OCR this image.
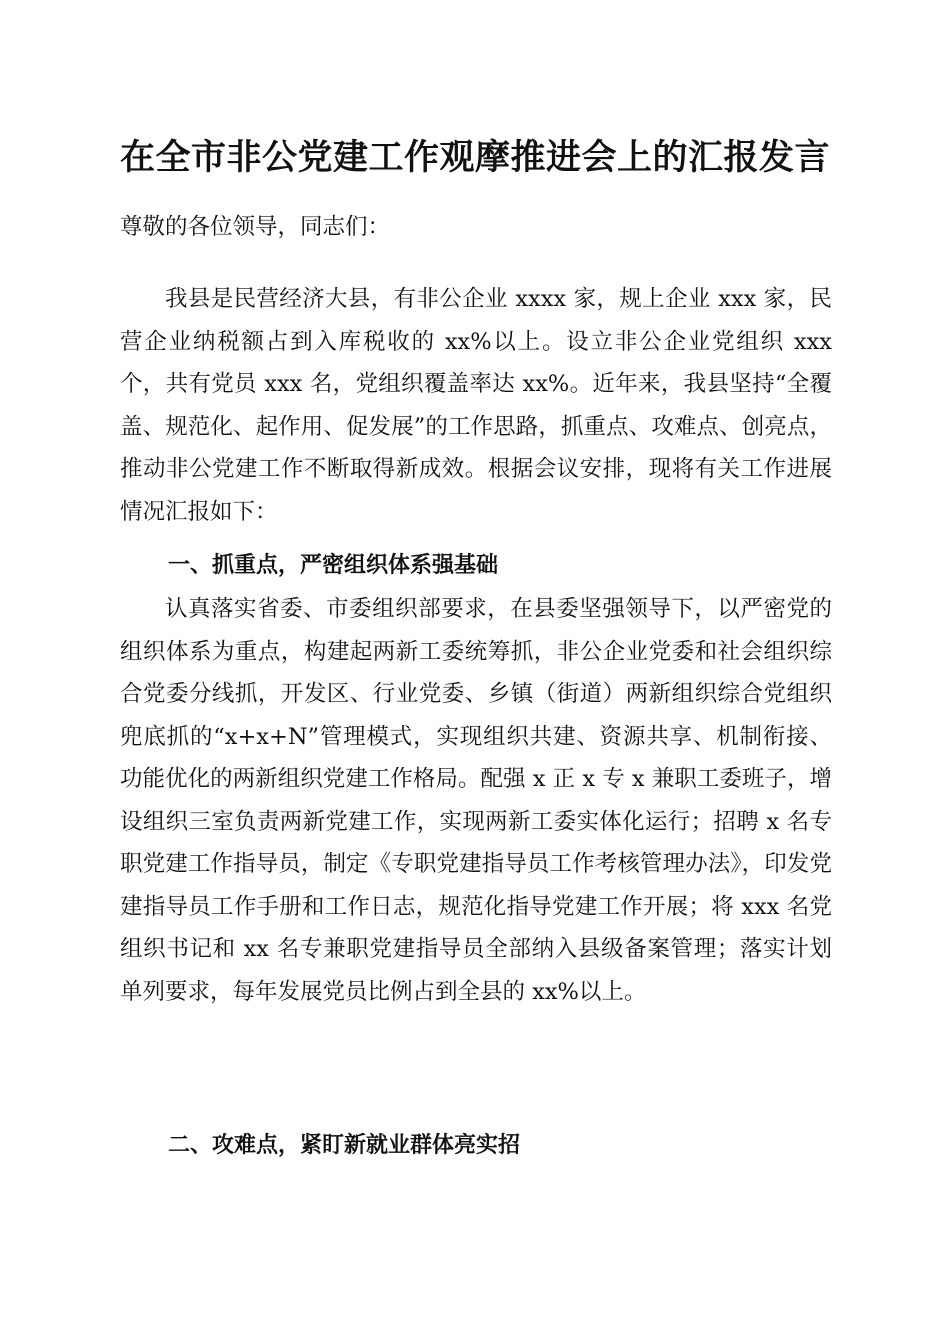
在全市非公党建工作观摩推进会上的汇报发言

尊敬的各位领导，同志们：

我县是民营经济大县，有非公企业 xxxx 家，规上企业 xxx 家，民营企业纳税额占到入库税收的 xx%以上。设立非公企业党组织 xxx 个，共有党员 xxx 名，党组织覆盖率达 xx%。近年来，我县坚持“全覆盖、规范化、起作用、促发展”的工作思路，抓重点、攻难点、创亮点，推动非公党建工作不断取得新成效。根据会议安排，现将有关工作进展情况汇报如下：

一、抓重点，严密组织体系强基础

认真落实省委、市委组织部要求，在县委坚强领导下，以严密党的组织体系为重点，构建起两新工委统筹抓，非公企业党委和社会组织综合党委分线抓，开发区、行业党委、乡镇（街道）两新组织综合党组织兜底抓的“x+x+N”管理模式，实现组织共建、资源共享、机制衔接、功能优化的两新组织党建工作格局。配强 x 正 x 专 x 兼职工委班子，增设组织三室负责两新党建工作，实现两新工委实体化运行；招聘 x 名专职党建工作指导员，制定《专职党建指导员工作考核管理办法》，印发党建指导员工作手册和工作日志，规范化指导党建工作开展；将 xxx 名党组织书记和 xx 名专兼职党建指导员全部纳入县级备案管理；落实计划单列要求，每年发展党员比例占到全县的 xx%以上。

二、攻难点，紧盯新就业群体亮实招
